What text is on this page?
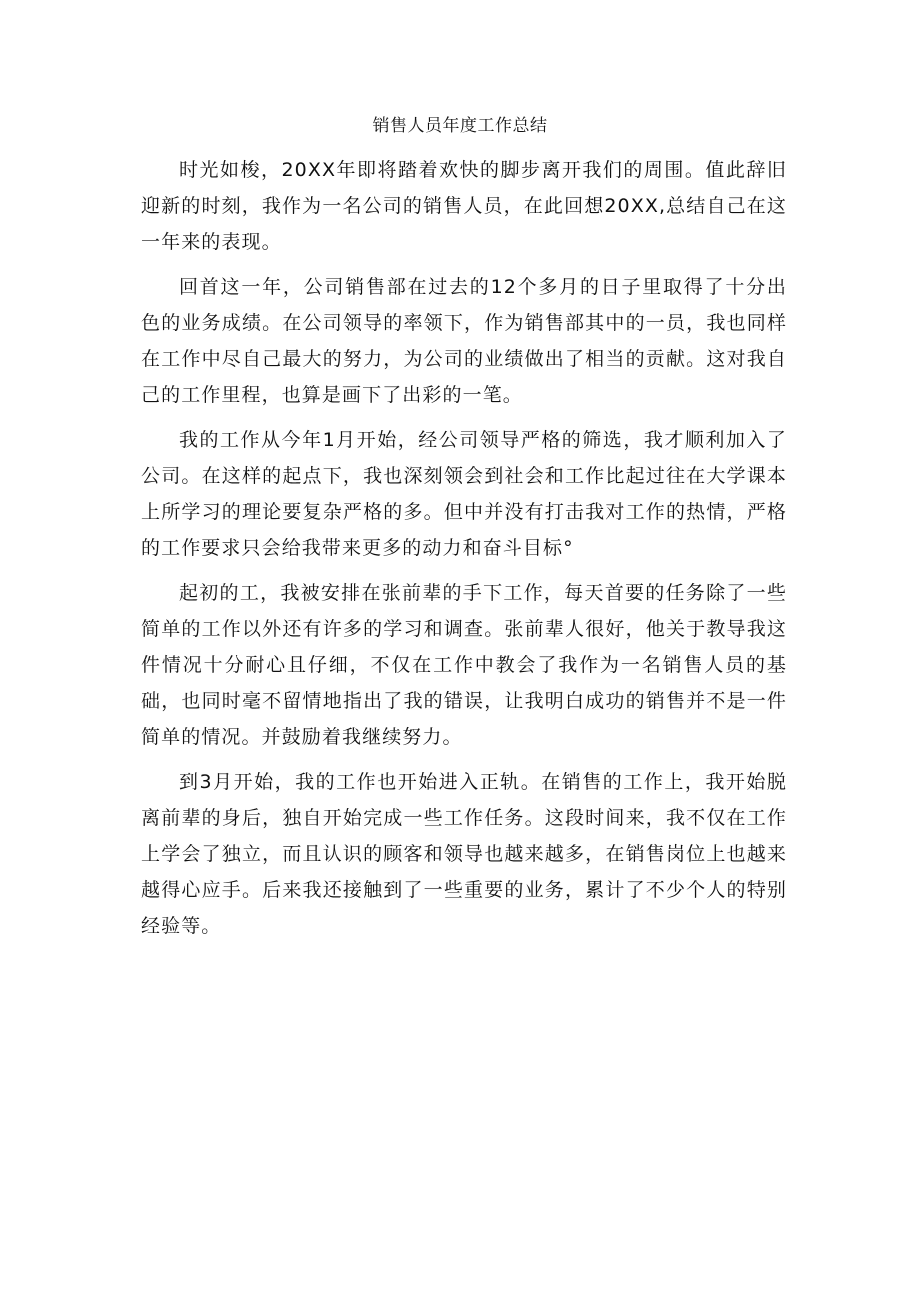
销售人员年度工作总结

时光如梭，20XX年即将踏着欢快的脚步离开我们的周围。值此辞旧迎新的时刻，我作为一名公司的销售人员，在此回想20XX,总结自己在这一年来的表现。

回首这一年，公司销售部在过去的12个多月的日子里取得了十分出色的业务成绩。在公司领导的率领下，作为销售部其中的一员，我也同样在工作中尽自己最大的努力，为公司的业绩做出了相当的贡献。这对我自己的工作里程，也算是画下了出彩的一笔。

我的工作从今年1月开始，经公司领导严格的筛选，我才顺利加入了公司。在这样的起点下，我也深刻领会到社会和工作比起过往在大学课本上所学习的理论要复杂严格的多。但中并没有打击我对工作的热情，严格的工作要求只会给我带来更多的动力和奋斗目标°

起初的工，我被安排在张前辈的手下工作，每天首要的任务除了一些简单的工作以外还有许多的学习和调查。张前辈人很好，他关于教导我这件情况十分耐心且仔细，不仅在工作中教会了我作为一名销售人员的基础，也同时毫不留情地指出了我的错误，让我明白成功的销售并不是一件简单的情况。并鼓励着我继续努力。

到3月开始，我的工作也开始进入正轨。在销售的工作上，我开始脱离前辈的身后，独自开始完成一些工作任务。这段时间来，我不仅在工作上学会了独立，而且认识的顾客和领导也越来越多，在销售岗位上也越来越得心应手。后来我还接触到了一些重要的业务，累计了不少个人的特别经验等。
